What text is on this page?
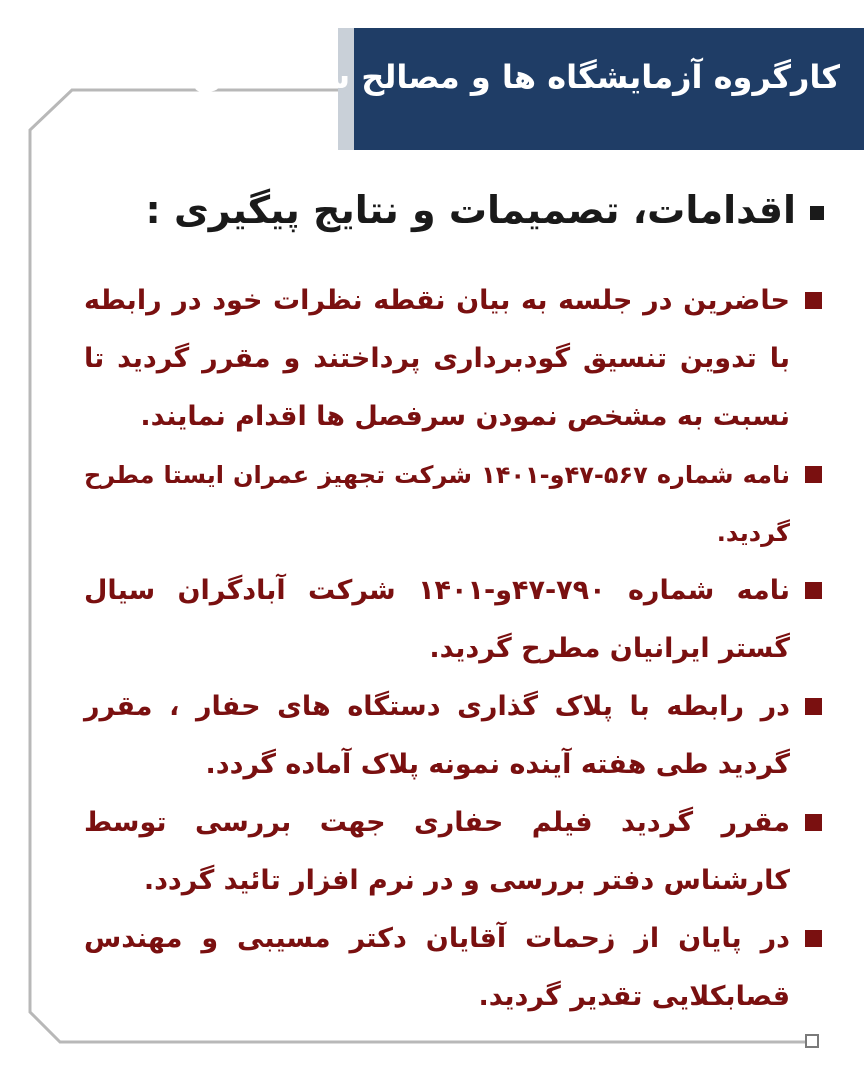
کارگروه آزمایشگاه ها و مصالح ساختمانی
اقدامات، تصمیمات و نتایج پیگیری :
حاضرین در جلسه به بیان نقطه نظرات خود در رابطه با تدوین تنسیق گودبرداری پرداختند و مقرر گردید تا نسبت به مشخص نمودن سرفصل ها اقدام نمایند.
نامه شماره ۵۶۷-۴۷و-۱۴۰۱ شرکت تجهیز عمران ایستا مطرح گردید.
نامه شماره ۷۹۰-۴۷و-۱۴۰۱ شرکت آبادگران سیال گستر ایرانیان مطرح گردید.
در رابطه با پلاک گذاری دستگاه های حفار ، مقرر گردید طی هفته آینده نمونه پلاک آماده گردد.
مقرر گردید فیلم حفاری جهت بررسی توسط کارشناس دفتر بررسی و در نرم افزار تائید گردد.
در پایان از زحمات آقایان دکتر مسیبی و مهندس قصابکلایی تقدیر گردید.
